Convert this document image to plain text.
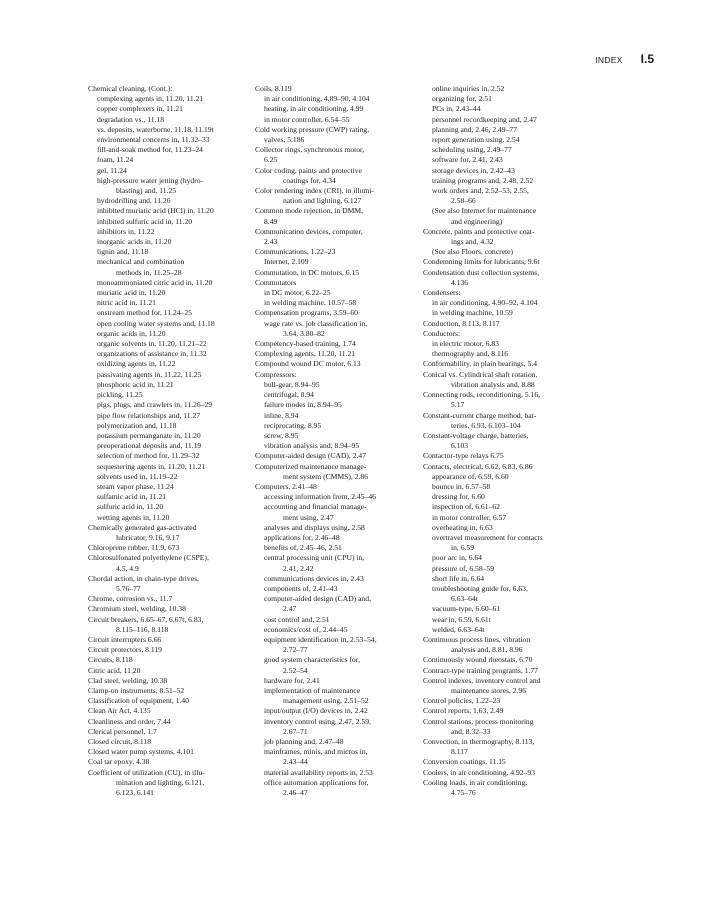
INDEX I.5
Chemical cleaning, (Cont.):
complexing agents in, 11.20, 11.21
copper complexers in, 11.21
degradation vs., 11.18
vs. deposits, waterborne, 11.18, 11.19t
environmental concerns in, 11.32–33
fill-and-soak method for, 11.23–24
foam, 11.24
gel, 11.24
high-pressure water jetting (hydro-
blasting) and, 11.25
hydrodrilling and, 11.26
inhibited muriatic acid (HCl) in, 11.20
inhibited sulfuric acid in, 11.20
inhibitors in, 11.22
inorganic acids in, 11.20
lignin and, 11.18
mechanical and combination
methods in, 11.25–28
monoammoniated citric acid in, 11.20
muriatic acid in, 11.20
nitric acid in, 11.21
onstream method for, 11.24–25
open cooling water systems and, 11.18
organic acids in, 11.20
organic solvents in, 11.20, 11.21–22
organizations of assistance in, 11.32
oxidizing agents in, 11.22
passivating agents in, 11.22, 11.25
phosphoric acid in, 11.21
pickling, 11.25
pigs, plugs, and crawlers in, 11.26–29
pipe flow relationships and, 11.27
polymerization and, 11.18
potassium permanganate in, 11.20
preoperational deposits and, 11.19
selection of method for, 11.29–32
sequestering agents in, 11.20, 11.21
solvents used in, 11.19–22
steam vapor phase, 11.24
sulfamic acid in, 11.21
sulfuric acid in, 11.20
wetting agents in, 11.20
Chemically generated gas-activated
lubricator, 9.16, 9.17
Chloroprene rubber, 11.9, 673
Chlorosulfonated polyethylene (CSPE),
4.5, 4.9
Chordal action, in chain-type drives,
5.76–77
Chrome, corrosion vs., 11.7
Chromium steel, welding, 10.38
Circuit breakers, 6.65–67, 6.67t, 6.83,
8.115–116, 8.118
Circuit interrupters 6.66
Circuit protectors, 8.119
Circuits, 8.118
Citric acid, 11.20
Clad steel, welding, 10.38
Clamp-on instruments, 8.51–52
Classification of equipment, 1.40
Clean Air Act, 4.135
Cleanliness and order, 7.44
Clerical personnel, 1.7
Closed circuit, 8.118
Closed water pump systems, 4.101
Coal tar epoxy, 4.38
Coefficient of utilization (CU), in illu-
mination and lighting, 6.121,
6.123, 6.141
Coils, 8.119
in air conditioning, 4.89–90, 4.104
heating, in air conditioning, 4.99
in motor controller, 6.54–55
Cold working pressure (CWP) rating,
valves, 5.186
Collector rings, synchronous motor,
6.25
Color coding, paints and protective
coatings for, 4.34
Color rendering index (CRI), in illumi-
nation and lighting, 6.127
Common mode rejection, in DMM,
8.49
Communication devices, computer,
2.43
Communications, 1.22–23
Internet, 2.109
Commutation, in DC motors, 6.15
Commutators
in DC motor, 6.22–25
in welding machine, 10.57–58
Compensation programs, 3.59–60
wage rate vs. job classification in,
3.64, 3.80–82
Competency-based training, 1.74
Complexing agents, 11.20, 11.21
Compound wound DC motor, 6.13
Compressors:
bull-gear, 8.94–95
centrifugal, 8.94
failure modes in, 8.94–95
inline, 8.94
reciprocating, 8.95
screw, 8.95
vibration analysis and, 8.94–95
Computer-aided design (CAD), 2.47
Computerized maintenance manage-
ment system (CMMS), 2.86
Computers, 2.41–48
accessing information from, 2.45–46
accounting and financial manage-
ment using, 2.47
analyses and displays using, 2.58
applications for, 2.46–48
benefits of, 2.45–46, 2.51
central processing unit (CPU) in,
2.41, 2.42
communications devices in, 2.43
components of, 2.41–43
computer-aided design (CAD) and,
2.47
cost control and, 2.51
economics/cost of, 2.44–45
equipment identification in, 2.53–54,
2.72–77
good system characteristics for,
2.52–54
hardware for, 2.41
implementation of maintenance
management using, 2.51–52
input/output (I/O) devices in, 2.42
inventory control using, 2.47, 2.59,
2.67–71
job planning and, 2.47–48
mainframes, minis, and micros in,
2.43–44
material availability reports in, 2.53
office automation applications for,
2.46–47
online inquiries in, 2.52
organizing for, 2.51
PCs in, 2.43–44
personnel recordkeeping and, 2.47
planning and, 2.46, 2.49–77
report generation using, 2.54
scheduling using, 2.49–77
software for, 2.41, 2.43
storage devices in, 2.42–43
training programs and, 2.48, 2.52
work orders and, 2.52–53, 2.55,
2.58–66
(See also Internet for maintenance
and engineering)
Concrete, paints and protective coat-
ings and, 4.32
(See also Floors, concrete)
Condemning limits for lubricants, 9.6t
Condensation dust collection systems,
4.136
Condensers:
in air conditioning, 4.90–92, 4.104
in welding machine, 10.59
Conduction, 8.113, 8.117
Conductors:
in electric motor, 6.83
thermography and, 8.116
Conformability, in plain bearings, 5.4
Conical vs. Cylindrical shaft rotation,
vibration analysis and, 8.88
Connecting rods, reconditioning, 5.16,
5.17
Constant-current charge method, bat-
teries, 6.93, 6.103–104
Constant-voltage charge, batteries,
6.103
Contactor-type relays 6.75
Contacts, electrical, 6.62, 6.83, 6.86
appearance of, 6.59, 6.60
bounce in, 6.57–58
dressing for, 6.60
inspection of, 6.61–62
in motor controller, 6.57
overheating in, 6.63
overtravel measurement for contacts
in, 6.59
poor arc in, 6.64
pressure of, 6.58–59
short life in, 6.64
troubleshooting guide for, 6.63,
6.63–64t
vacuum-type, 6.60–61
wear in, 6.59, 6.61t
welded, 6.63–64t
Continuous process lines, vibration
analysis and, 8.81, 8.96
Continuously wound rheostats, 6.70
Contract-type training programs, 1.77
Control indexes, inventory control and
maintenance stores, 2.96
Control policies, 1.22–23
Control reports, 1.63, 2.49
Control stations, process monitoring
and, 8.32–33
Convection, in thermography, 8.113,
8.117
Conversion coatings, 11.15
Coolers, in air conditioning, 4.92–93
Cooling loads, in air conditioning,
4.75–76
